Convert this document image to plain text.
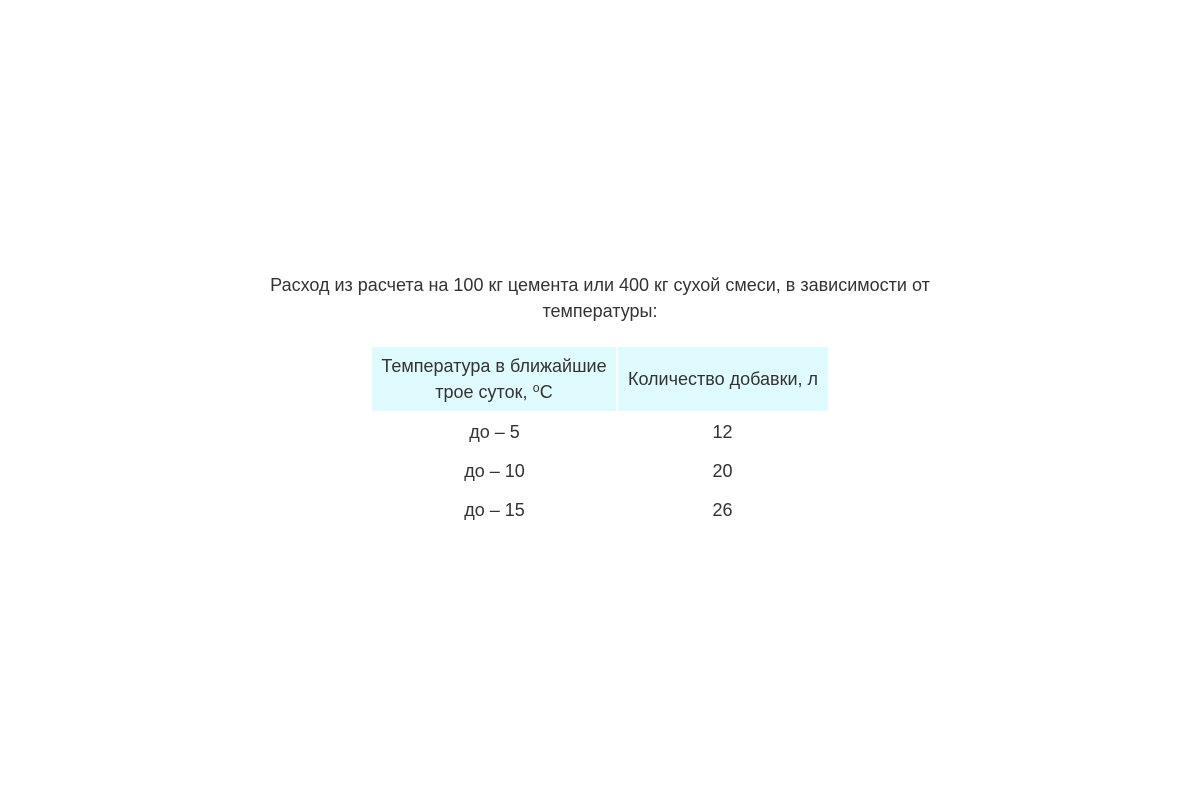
Расход из расчета на 100 кг цемента или 400 кг сухой смеси, в зависимости от температуры:

Температура в ближайшие трое суток, ⁰С	Количество добавки, л
до – 5	12
до – 10	20
до – 15	26
